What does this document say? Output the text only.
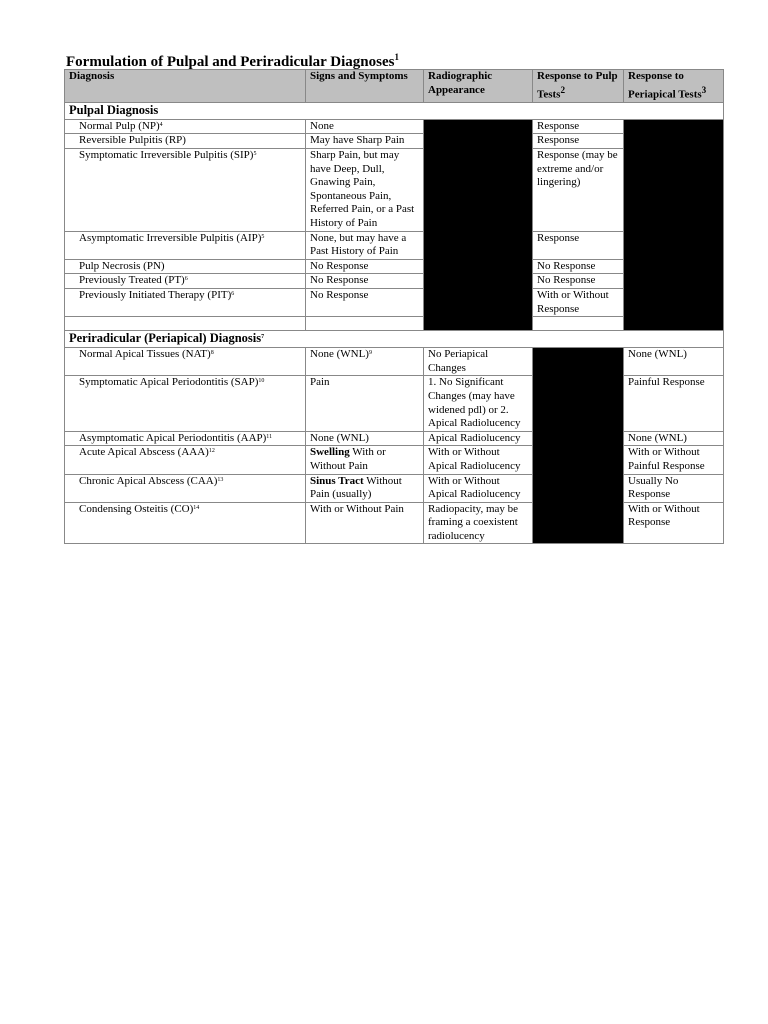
Formulation of Pulpal and Periradicular Diagnoses$^1$
Diagnosis	Signs and Symptoms	Radiographic Appearance	Response to Pulp Tests$^2$	Response to Periapical Tests$^3$
Pulpal Diagnosis				
Normal Pulp (NP)$^4$	None		Response	
Reversible Pulpitis (RP)	May have Sharp Pain		Response	
Symptomatic Irreversible Pulpitis (SIP)$^5$	Sharp Pain, but may have Deep, Dull, Gnawing Pain, Spontaneous Pain, Referred Pain, or a Past History of Pain		Response (may be extreme and/or lingering)	
Asymptomatic Irreversible Pulpitis (AIP)$^5$	None, but may have a Past History of Pain		Response	
Pulp Necrosis (PN)	No Response		No Response	
Previously Treated (PT)$^6$	No Response		No Response	
Previously Initiated Therapy (PIT)$^6$	No Response		With or Without Response	

Periradicular (Periapical) Diagnosis$^7$
Normal Apical Tissues (NAT)$^8$	None (WNL)$^9$	No Periapical Changes		None (WNL)
Symptomatic Apical Periodontitis (SAP)$^{10}$	Pain	1. No Significant Changes (may have widened pdl) or 2. Apical Radiolucency		Painful Response
Asymptomatic Apical Periodontitis (AAP)$^{11}$	None (WNL)	Apical Radiolucency		None (WNL)
Acute Apical Abscess (AAA)$^{12}$	Swelling With or Without Pain	With or Without Apical Radiolucency		With or Without Painful Response
Chronic Apical Abscess (CAA)$^{13}$	Sinus Tract Without Pain (usually)	With or Without Apical Radiolucency		Usually No Response
Condensing Osteitis (CO)$^{14}$	With or Without Pain	Radiopacity, may be framing a coexistent radiolucency		With or Without Response
